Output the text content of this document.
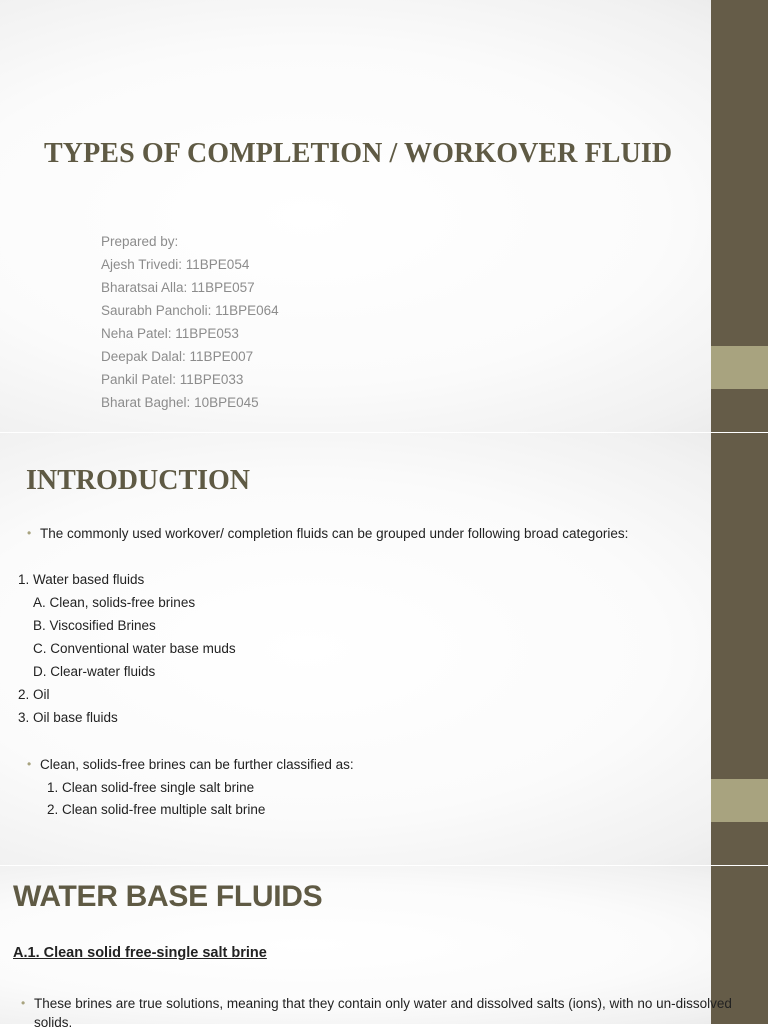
TYPES OF COMPLETION / WORKOVER FLUID
Prepared by:
Ajesh Trivedi: 11BPE054
Bharatsai Alla: 11BPE057
Saurabh Pancholi: 11BPE064
Neha Patel: 11BPE053
Deepak Dalal: 11BPE007
Pankil Patel: 11BPE033
Bharat Baghel: 10BPE045
INTRODUCTION

• The commonly used workover/ completion fluids can be grouped under following broad categories:

1. Water based fluids

A. Clean, solids-free brines

B. Viscosified Brines

C. Conventional water base muds

D. Clear-water fluids

2. Oil

3. Oil base fluids

• Clean, solids-free brines can be further classified as:

1. Clean solid-free single salt brine

2. Clean solid-free multiple salt brine

WATER BASE FLUIDS

A.1. Clean solid free-single salt brine

• These brines are true solutions, meaning that they contain only water and dissolved salts (ions), with no un-dissolved solids.
